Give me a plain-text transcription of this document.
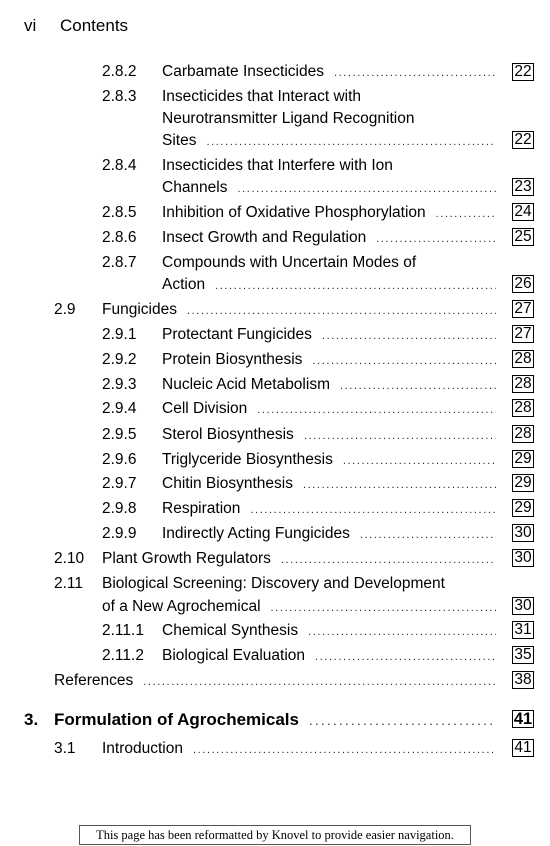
vi Contents
2.8.2 Carbamate Insecticides .....	22
2.8.3 Insecticides that Interact with
Neurotransmitter Ligand Recognition
Sites .....	22
2.8.4 Insecticides that Interfere with Ion
Channels .....	23
2.8.5 Inhibition of Oxidative Phosphorylation .....	24
2.8.6 Insect Growth and Regulation .....	25
2.8.7 Compounds with Uncertain Modes of
Action .....	26
2.9 Fungicides .....	27
2.9.1 Protectant Fungicides .....	27
2.9.2 Protein Biosynthesis .....	28
2.9.3 Nucleic Acid Metabolism .....	28
2.9.4 Cell Division .....	28
2.9.5 Sterol Biosynthesis .....	28
2.9.6 Triglyceride Biosynthesis .....	29
2.9.7 Chitin Biosynthesis .....	29
2.9.8 Respiration .....	29
2.9.9 Indirectly Acting Fungicides .....	30
2.10 Plant Growth Regulators .....	30
2.11 Biological Screening: Discovery and Development
of a New Agrochemical .....	30
2.11.1 Chemical Synthesis .....	31
2.11.2 Biological Evaluation .....	35
References .....	38
3. Formulation of Agrochemicals .....	41
3.1 Introduction .....	41
This page has been reformatted by Knovel to provide easier navigation.
